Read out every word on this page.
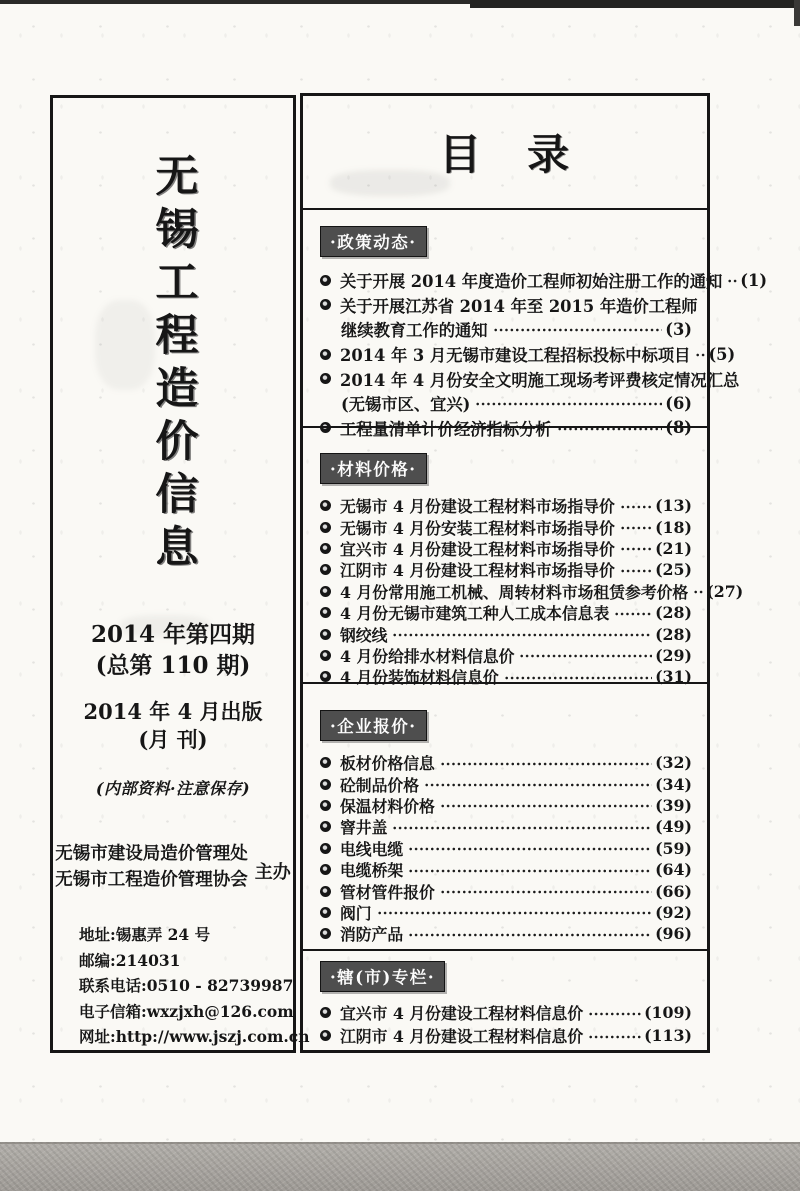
无锡工程造价信息
2014 年第四期
(总第 110 期)
2014 年 4 月出版
(月 刊)
(内部资料·注意保存)
无锡市建设局造价管理处
无锡市工程造价管理协会 主办
地址:锡惠弄 24 号
邮编:214031
联系电话:0510 - 82739987
电子信箱:wxzjxh@126.com
网址:http://www.jszj.com.cn
目　录
·政策动态·
关于开展 2014 年度造价工程师初始注册工作的通知 (1)
关于开展江苏省 2014 年至 2015 年造价工程师
继续教育工作的通知	(3)
2014 年 3 月无锡市建设工程招标投标中标项目 (5)
2014 年 4 月份安全文明施工现场考评费核定情况汇总
(无锡市区、宜兴)	(6)
工程量清单计价经济指标分析	(8)
·材料价格·
无锡市 4 月份建设工程材料市场指导价	(13)
无锡市 4 月份安装工程材料市场指导价	(18)
宜兴市 4 月份建设工程材料市场指导价	(21)
江阴市 4 月份建设工程材料市场指导价	(25)
4 月份常用施工机械、周转材料市场租赁参考价格 (27)
4 月份无锡市建筑工种人工成本信息表	(28)
钢绞线	(28)
4 月份给排水材料信息价	(29)
4 月份装饰材料信息价	(31)
·企业报价·
板材价格信息	(32)
砼制品价格	(34)
保温材料价格	(39)
窨井盖	(49)
电线电缆	(59)
电缆桥架	(64)
管材管件报价	(66)
阀门	(92)
消防产品	(96)
·辖(市)专栏·
宜兴市 4 月份建设工程材料信息价	(109)
江阴市 4 月份建设工程材料信息价	(113)
